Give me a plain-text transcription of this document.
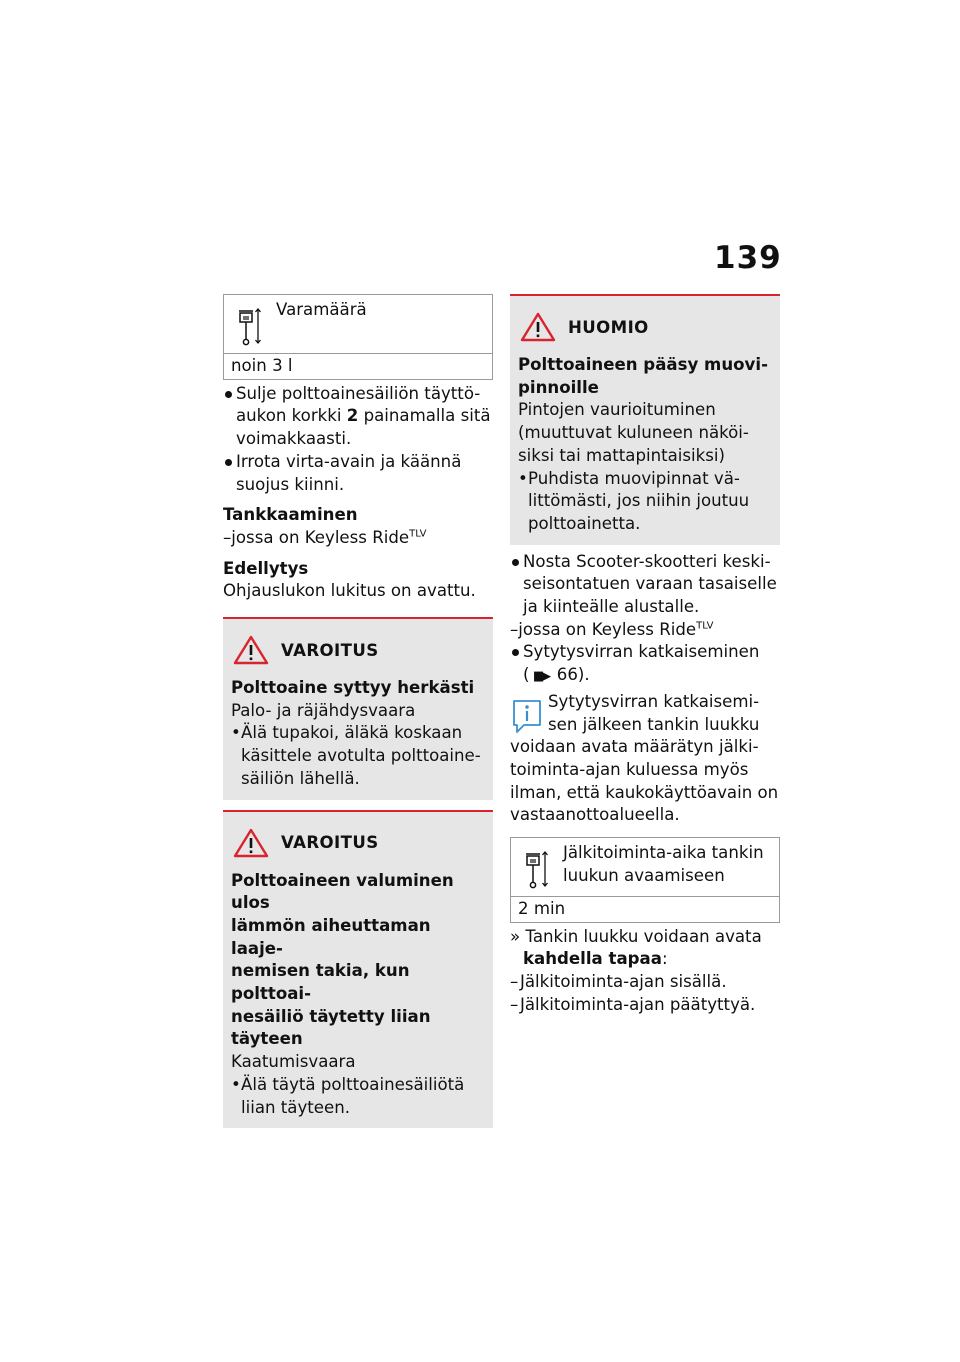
139
Varamäärä
noin 3 l
Sulje polttoainesäiliön täyttö-
aukon korkki 2 painamalla sitä
voimakkaasti.
Irrota virta-avain ja käännä
suojus kiinni.
Tankkaaminen
–jossa on Keyless Ride$^{TLV}$
Edellytys
Ohjauslukon lukitus on avattu.
VAROITUS
Polttoaine syttyy herkästi
Palo- ja räjähdysvaara
• Älä tupakoi, äläkä koskaan
käsittele avotulta polttoaine-
säiliön lähellä.
VAROITUS
Polttoaineen valuminen ulos
lämmön aiheuttaman laaje-
nemisen takia, kun polttoai-
nesäiliö täytetty liian täyteen
Kaatumisvaara
• Älä täytä polttoainesäiliötä
liian täyteen.
HUOMIO
Polttoaineen pääsy muovi-
pinnoille
Pintojen vaurioituminen
(muuttuvat kuluneen näköi-
siksi tai mattapintaisiksi)
• Puhdista muovipinnat vä-
littömästi, jos niihin joutuu
polttoainetta.
Nosta Scooter-skootteri keski-
seisontatuen varaan tasaiselle
ja kiinteälle alustalle.
–jossa on Keyless Ride$^{TLV}$
Sytytysvirran katkaiseminen
( ▮▮▶ 66).
Sytytysvirran katkaisemi-
sen jälkeen tankin luukku
voidaan avata määrätyn jälki-
toiminta-ajan kuluessa myös
ilman, että kaukokäyttöavain on
vastaanottoalueella.
Jälkitoiminta-aika tankin
luukun avaamiseen
2 min
» Tankin luukku voidaan avata
kahdella tapaa:
– Jälkitoiminta-ajan sisällä.
– Jälkitoiminta-ajan päätyttyä.
